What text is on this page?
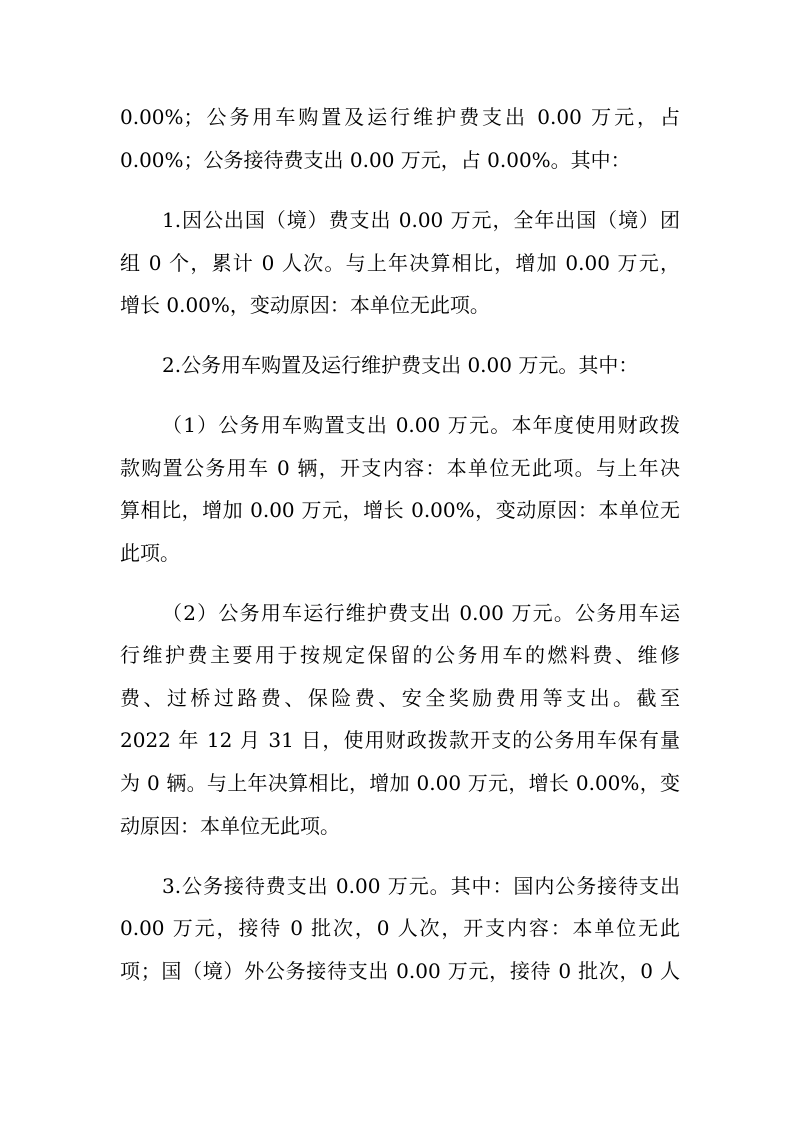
0.00%；公务用车购置及运行维护费支出 0.00 万元，占
0.00%；公务接待费支出 0.00 万元，占 0.00%。其中：
1.因公出国（境）费支出 0.00 万元，全年出国（境）团
组 0 个，累计 0 人次。与上年决算相比，增加 0.00 万元，
增长 0.00%，变动原因：本单位无此项。
2.公务用车购置及运行维护费支出 0.00 万元。其中：
（1）公务用车购置支出 0.00 万元。本年度使用财政拨
款购置公务用车 0 辆，开支内容：本单位无此项。与上年决
算相比，增加 0.00 万元，增长 0.00%，变动原因：本单位无
此项。
（2）公务用车运行维护费支出 0.00 万元。公务用车运
行维护费主要用于按规定保留的公务用车的燃料费、维修
费、过桥过路费、保险费、安全奖励费用等支出。截至
2022 年 12 月 31 日，使用财政拨款开支的公务用车保有量
为 0 辆。与上年决算相比，增加 0.00 万元，增长 0.00%，变
动原因：本单位无此项。
3.公务接待费支出 0.00 万元。其中：国内公务接待支出
0.00 万元，接待 0 批次，0 人次，开支内容：本单位无此
项；国（境）外公务接待支出 0.00 万元，接待 0 批次，0 人
